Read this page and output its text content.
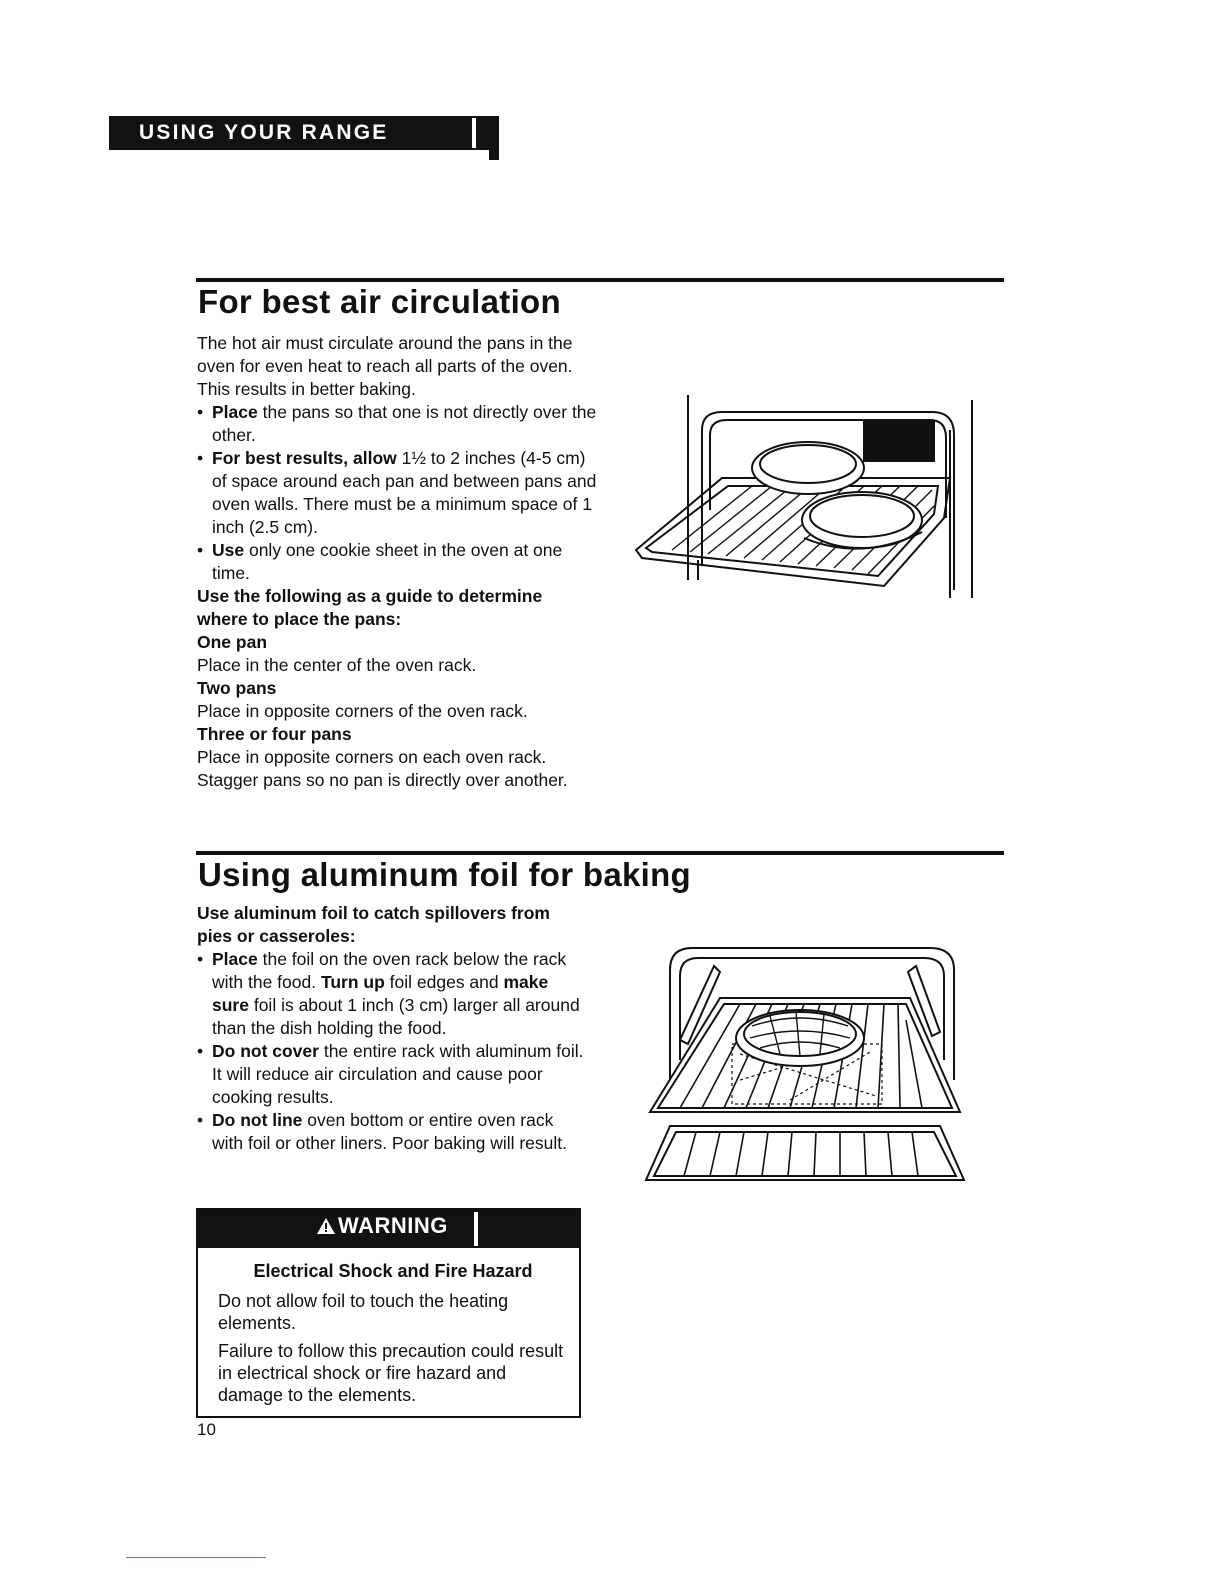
USING YOUR RANGE
For best air circulation

The hot air must circulate around the pans in the oven for even heat to reach all parts of the oven. This results in better baking.

• Place the pans so that one is not directly over the other.

• For best results, allow 1½ to 2 inches (4-5 cm) of space around each pan and between pans and oven walls. There must be a minimum space of 1 inch (2.5 cm).

• Use only one cookie sheet in the oven at one time.

Use the following as a guide to determine where to place the pans:

One pan

Place in the center of the oven rack.

Two pans

Place in opposite corners of the oven rack.

Three or four pans

Place in opposite corners on each oven rack. Stagger pans so no pan is directly over another.

Using aluminum foil for baking

Use aluminum foil to catch spillovers from pies or casseroles:

• Place the foil on the oven rack below the rack with the food. Turn up foil edges and make sure foil is about 1 inch (3 cm) larger all around than the dish holding the food.

• Do not cover the entire rack with aluminum foil. It will reduce air circulation and cause poor cooking results.

• Do not line oven bottom or entire oven rack with foil or other liners. Poor baking will result.

WARNING

Electrical Shock and Fire Hazard

Do not allow foil to touch the heating elements.

Failure to follow this precaution could result in electrical shock or fire hazard and damage to the elements.

10
